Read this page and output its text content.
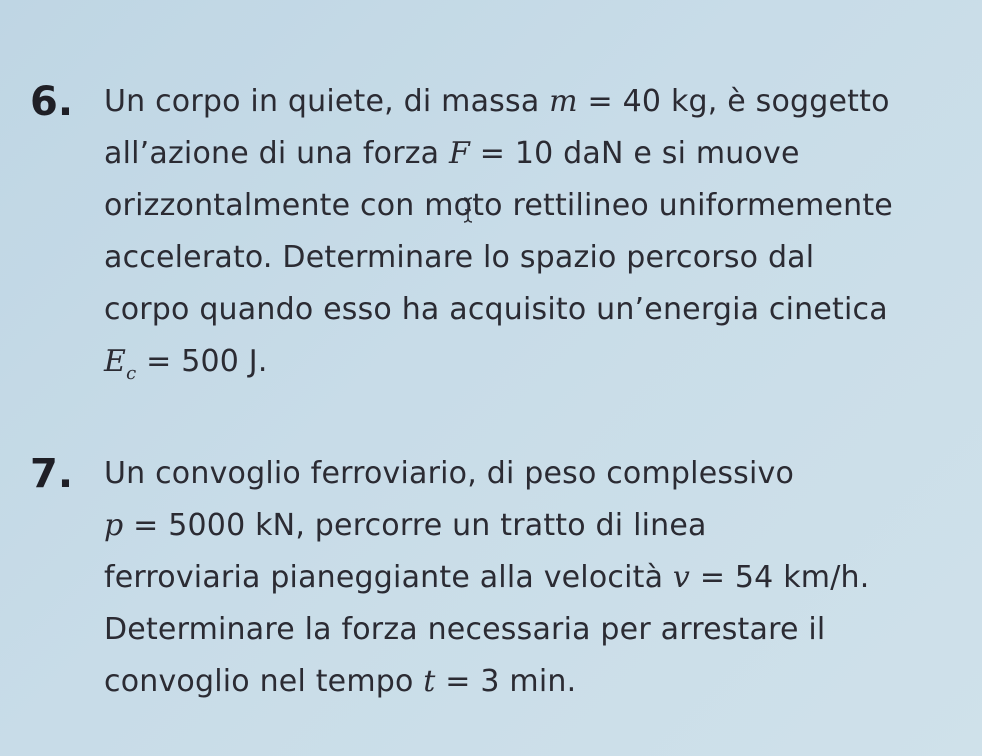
6. Un corpo in quiete, di massa m = 40 kg, è soggetto
all’azione di una forza F = 10 daN e si muove
orizzontalmente con moto rettilineo uniformemente
accelerato. Determinare lo spazio percorso dal
corpo quando esso ha acquisito un’energia cinetica
$E_c = 500$ J.
7. Un convoglio ferroviario, di peso complessivo
p = 5000 kN, percorre un tratto di linea
ferroviaria pianeggiante alla velocità v = 54 km/h.
Determinare la forza necessaria per arrestare il
convoglio nel tempo t = 3 min.
